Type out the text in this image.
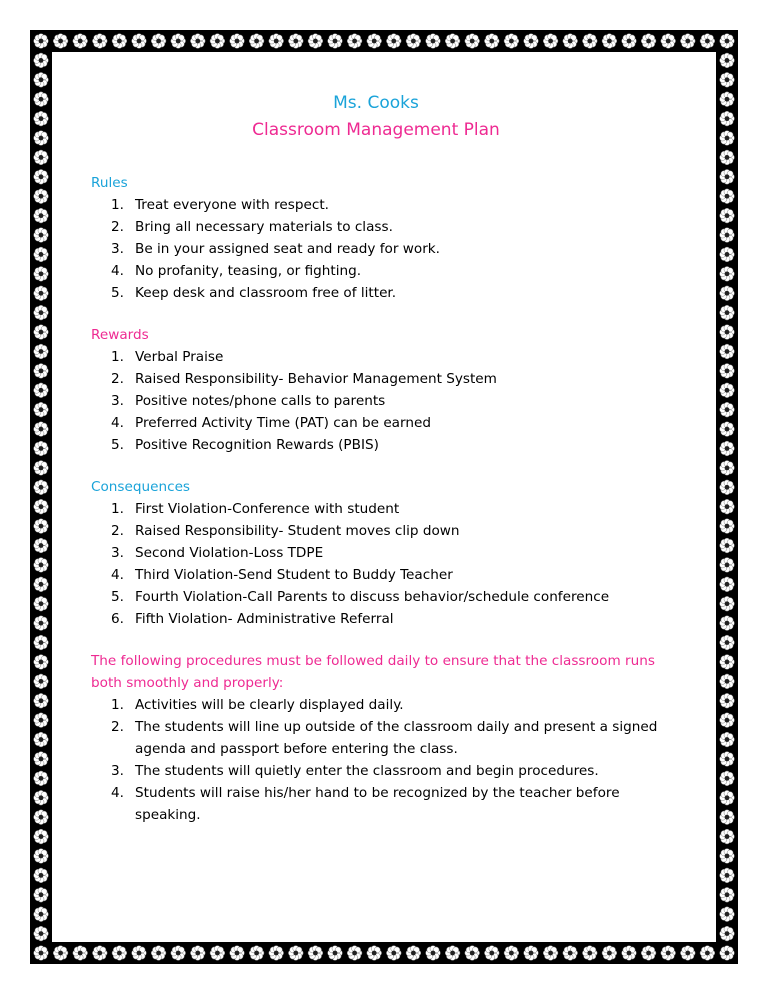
Ms. Cooks
Classroom Management Plan
Rules
1. Treat everyone with respect.
2. Bring all necessary materials to class.
3. Be in your assigned seat and ready for work.
4. No profanity, teasing, or fighting.
5. Keep desk and classroom free of litter.
Rewards
1. Verbal Praise
2. Raised Responsibility- Behavior Management System
3. Positive notes/phone calls to parents
4. Preferred Activity Time (PAT) can be earned
5. Positive Recognition Rewards (PBIS)
Consequences
1. First Violation-Conference with student
2. Raised Responsibility- Student moves clip down
3. Second Violation-Loss TDPE
4. Third Violation-Send Student to Buddy Teacher
5. Fourth Violation-Call Parents to discuss behavior/schedule conference
6. Fifth Violation- Administrative Referral
The following procedures must be followed daily to ensure that the classroom runs both smoothly and properly:
1. Activities will be clearly displayed daily.
2. The students will line up outside of the classroom daily and present a signed agenda and passport before entering the class.
3. The students will quietly enter the classroom and begin procedures.
4. Students will raise his/her hand to be recognized by the teacher before speaking.
